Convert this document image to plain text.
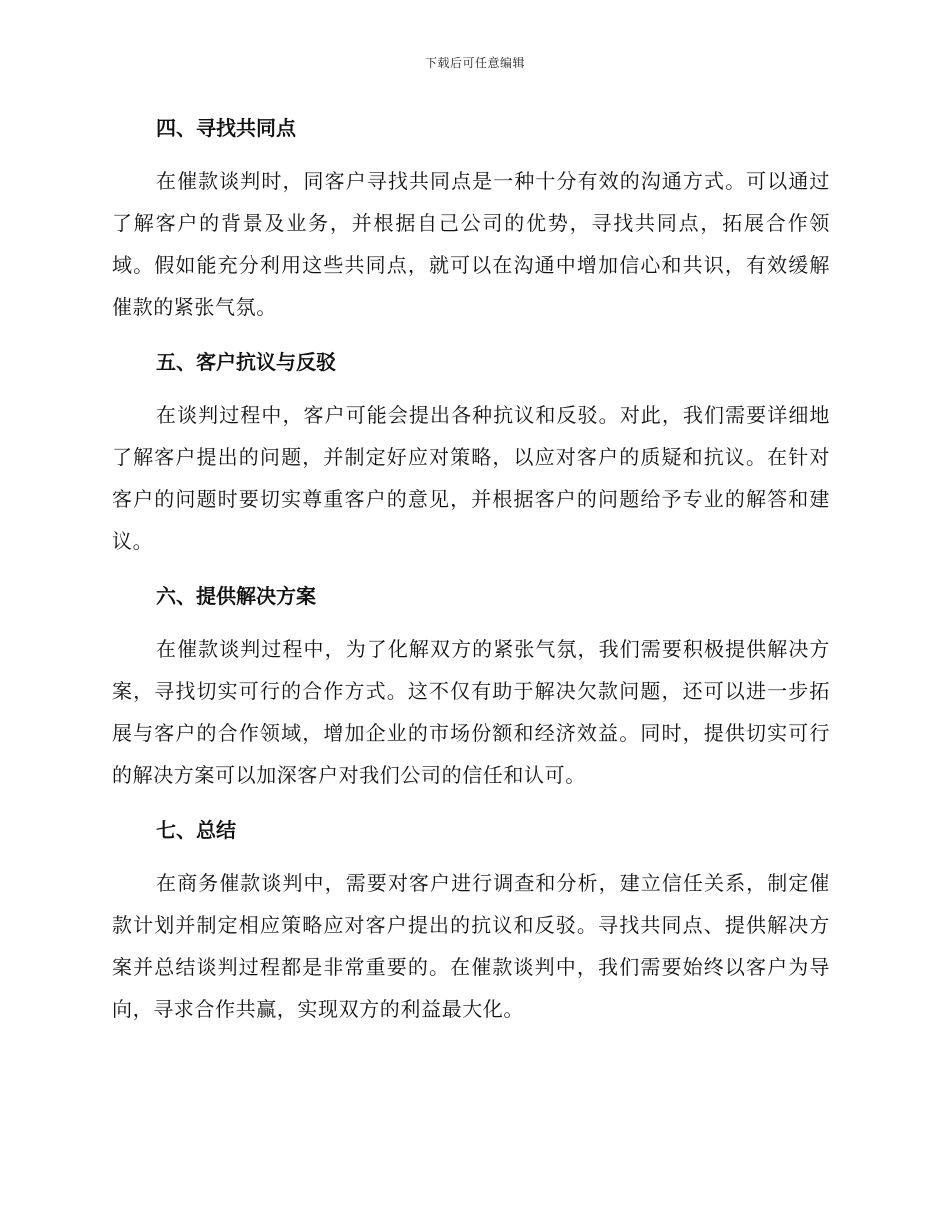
下载后可任意编辑
四、寻找共同点

在催款谈判时，同客户寻找共同点是一种十分有效的沟通方式。可以通过了解客户的背景及业务，并根据自己公司的优势，寻找共同点，拓展合作领域。假如能充分利用这些共同点，就可以在沟通中增加信心和共识，有效缓解催款的紧张气氛。

五、客户抗议与反驳

在谈判过程中，客户可能会提出各种抗议和反驳。对此，我们需要详细地了解客户提出的问题，并制定好应对策略，以应对客户的质疑和抗议。在针对客户的问题时要切实尊重客户的意见，并根据客户的问题给予专业的解答和建议。

六、提供解决方案

在催款谈判过程中，为了化解双方的紧张气氛，我们需要积极提供解决方案，寻找切实可行的合作方式。这不仅有助于解决欠款问题，还可以进一步拓展与客户的合作领域，增加企业的市场份额和经济效益。同时，提供切实可行的解决方案可以加深客户对我们公司的信任和认可。

七、总结

在商务催款谈判中，需要对客户进行调查和分析，建立信任关系，制定催款计划并制定相应策略应对客户提出的抗议和反驳。寻找共同点、提供解决方案并总结谈判过程都是非常重要的。在催款谈判中，我们需要始终以客户为导向，寻求合作共赢，实现双方的利益最大化。
